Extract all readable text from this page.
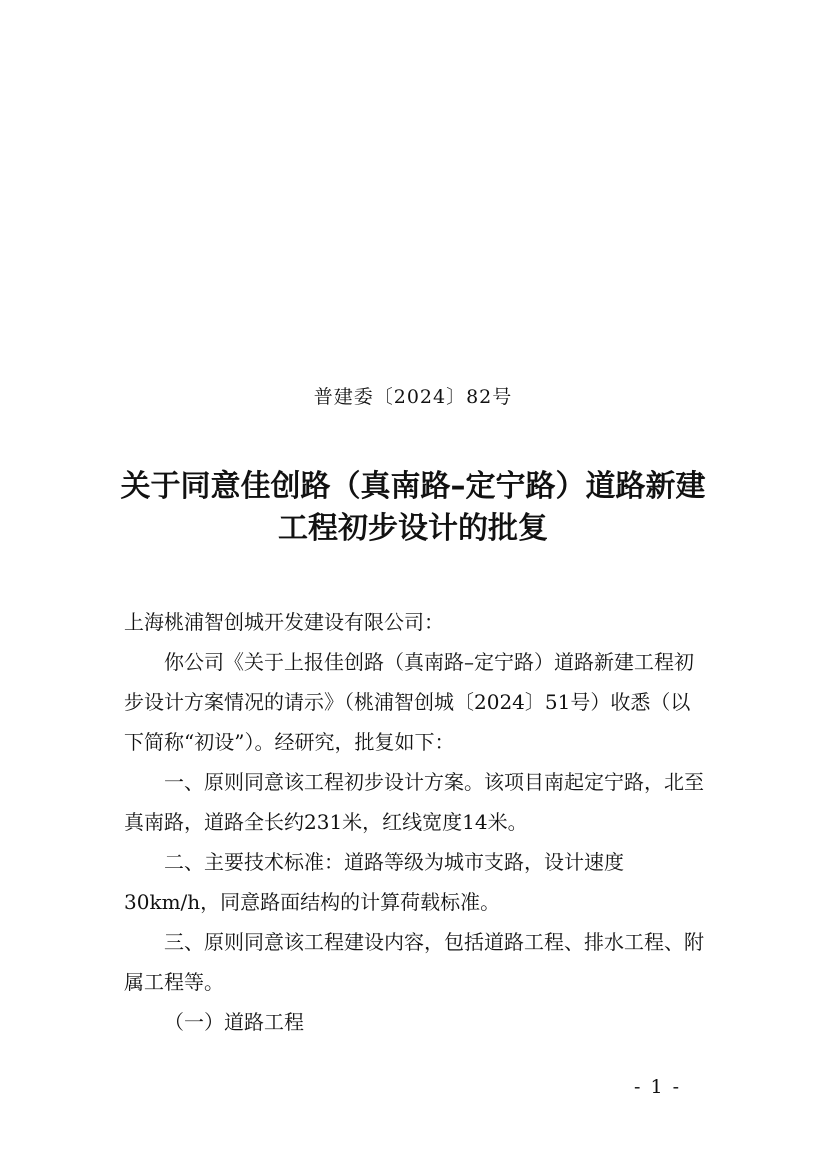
普建委〔2024〕82号
关于同意佳创路（真南路–定宁路）道路新建
工程初步设计的批复

上海桃浦智创城开发建设有限公司：

你公司《关于上报佳创路（真南路–定宁路）道路新建工程初步设计方案情况的请示》（桃浦智创城〔2024〕51号）收悉（以下简称“初设”）。经研究，批复如下：

一、原则同意该工程初步设计方案。该项目南起定宁路，北至真南路，道路全长约231米，红线宽度14米。

二、主要技术标准：道路等级为城市支路，设计速度30km/h，同意路面结构的计算荷载标准。

三、原则同意该工程建设内容，包括道路工程、排水工程、附属工程等。

（一）道路工程

- 1 -
